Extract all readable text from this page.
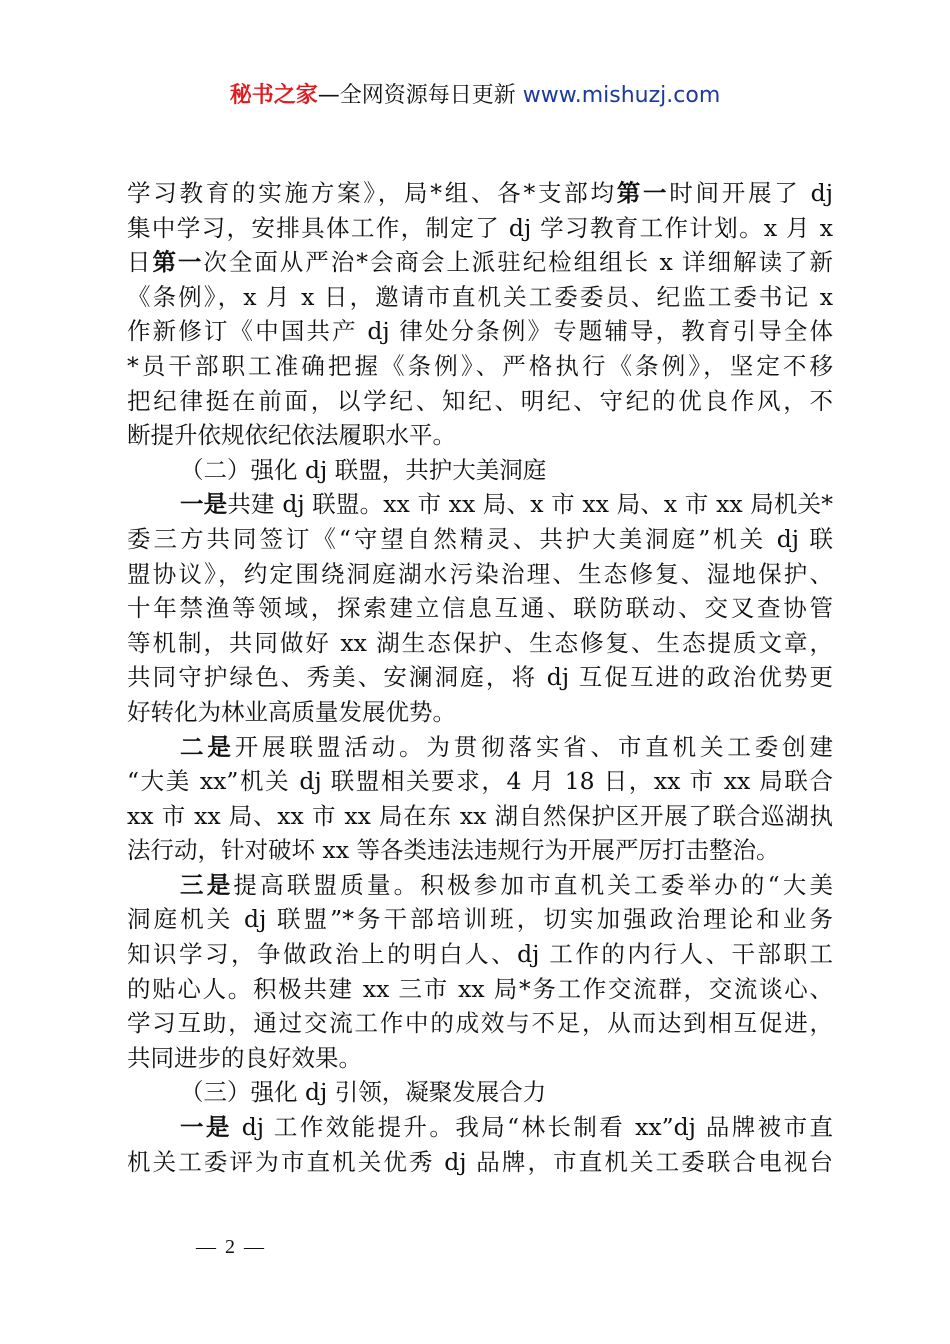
秘书之家—全网资源每日更新 www.mishuzj.com
学习教育的实施方案》，局*组、各*支部均第一时间开展了 dj
集中学习，安排具体工作，制定了 dj 学习教育工作计划。x 月 x
日第一次全面从严治*会商会上派驻纪检组组长 x 详细解读了新
《条例》，x 月 x 日，邀请市直机关工委委员、纪监工委书记 x
作新修订《中国共产 dj 律处分条例》专题辅导，教育引导全体
*员干部职工准确把握《条例》、严格执行《条例》，坚定不移
把纪律挺在前面，以学纪、知纪、明纪、守纪的优良作风，不
断提升依规依纪依法履职水平。
（二）强化 dj 联盟，共护大美洞庭
一是共建 dj 联盟。xx 市 xx 局、x 市 xx 局、x 市 xx 局机关*
委三方共同签订《“守望自然精灵、共护大美洞庭”机关 dj 联
盟协议》，约定围绕洞庭湖水污染治理、生态修复、湿地保护、
十年禁渔等领域，探索建立信息互通、联防联动、交叉查协管
等机制，共同做好 xx 湖生态保护、生态修复、生态提质文章，
共同守护绿色、秀美、安澜洞庭，将 dj 互促互进的政治优势更
好转化为林业高质量发展优势。
二是开展联盟活动。为贯彻落实省、市直机关工委创建
“大美 xx”机关 dj 联盟相关要求，4 月 18 日，xx 市 xx 局联合
xx 市 xx 局、xx 市 xx 局在东 xx 湖自然保护区开展了联合巡湖执
法行动，针对破坏 xx 等各类违法违规行为开展严厉打击整治。
三是提高联盟质量。积极参加市直机关工委举办的“大美
洞庭机关 dj 联盟”*务干部培训班，切实加强政治理论和业务
知识学习，争做政治上的明白人、dj 工作的内行人、干部职工
的贴心人。积极共建 xx 三市 xx 局*务工作交流群，交流谈心、
学习互助，通过交流工作中的成效与不足，从而达到相互促进，
共同进步的良好效果。
（三）强化 dj 引领，凝聚发展合力
一是 dj 工作效能提升。我局“林长制看 xx”dj 品牌被市直
机关工委评为市直机关优秀 dj 品牌，市直机关工委联合电视台
— 2 —
